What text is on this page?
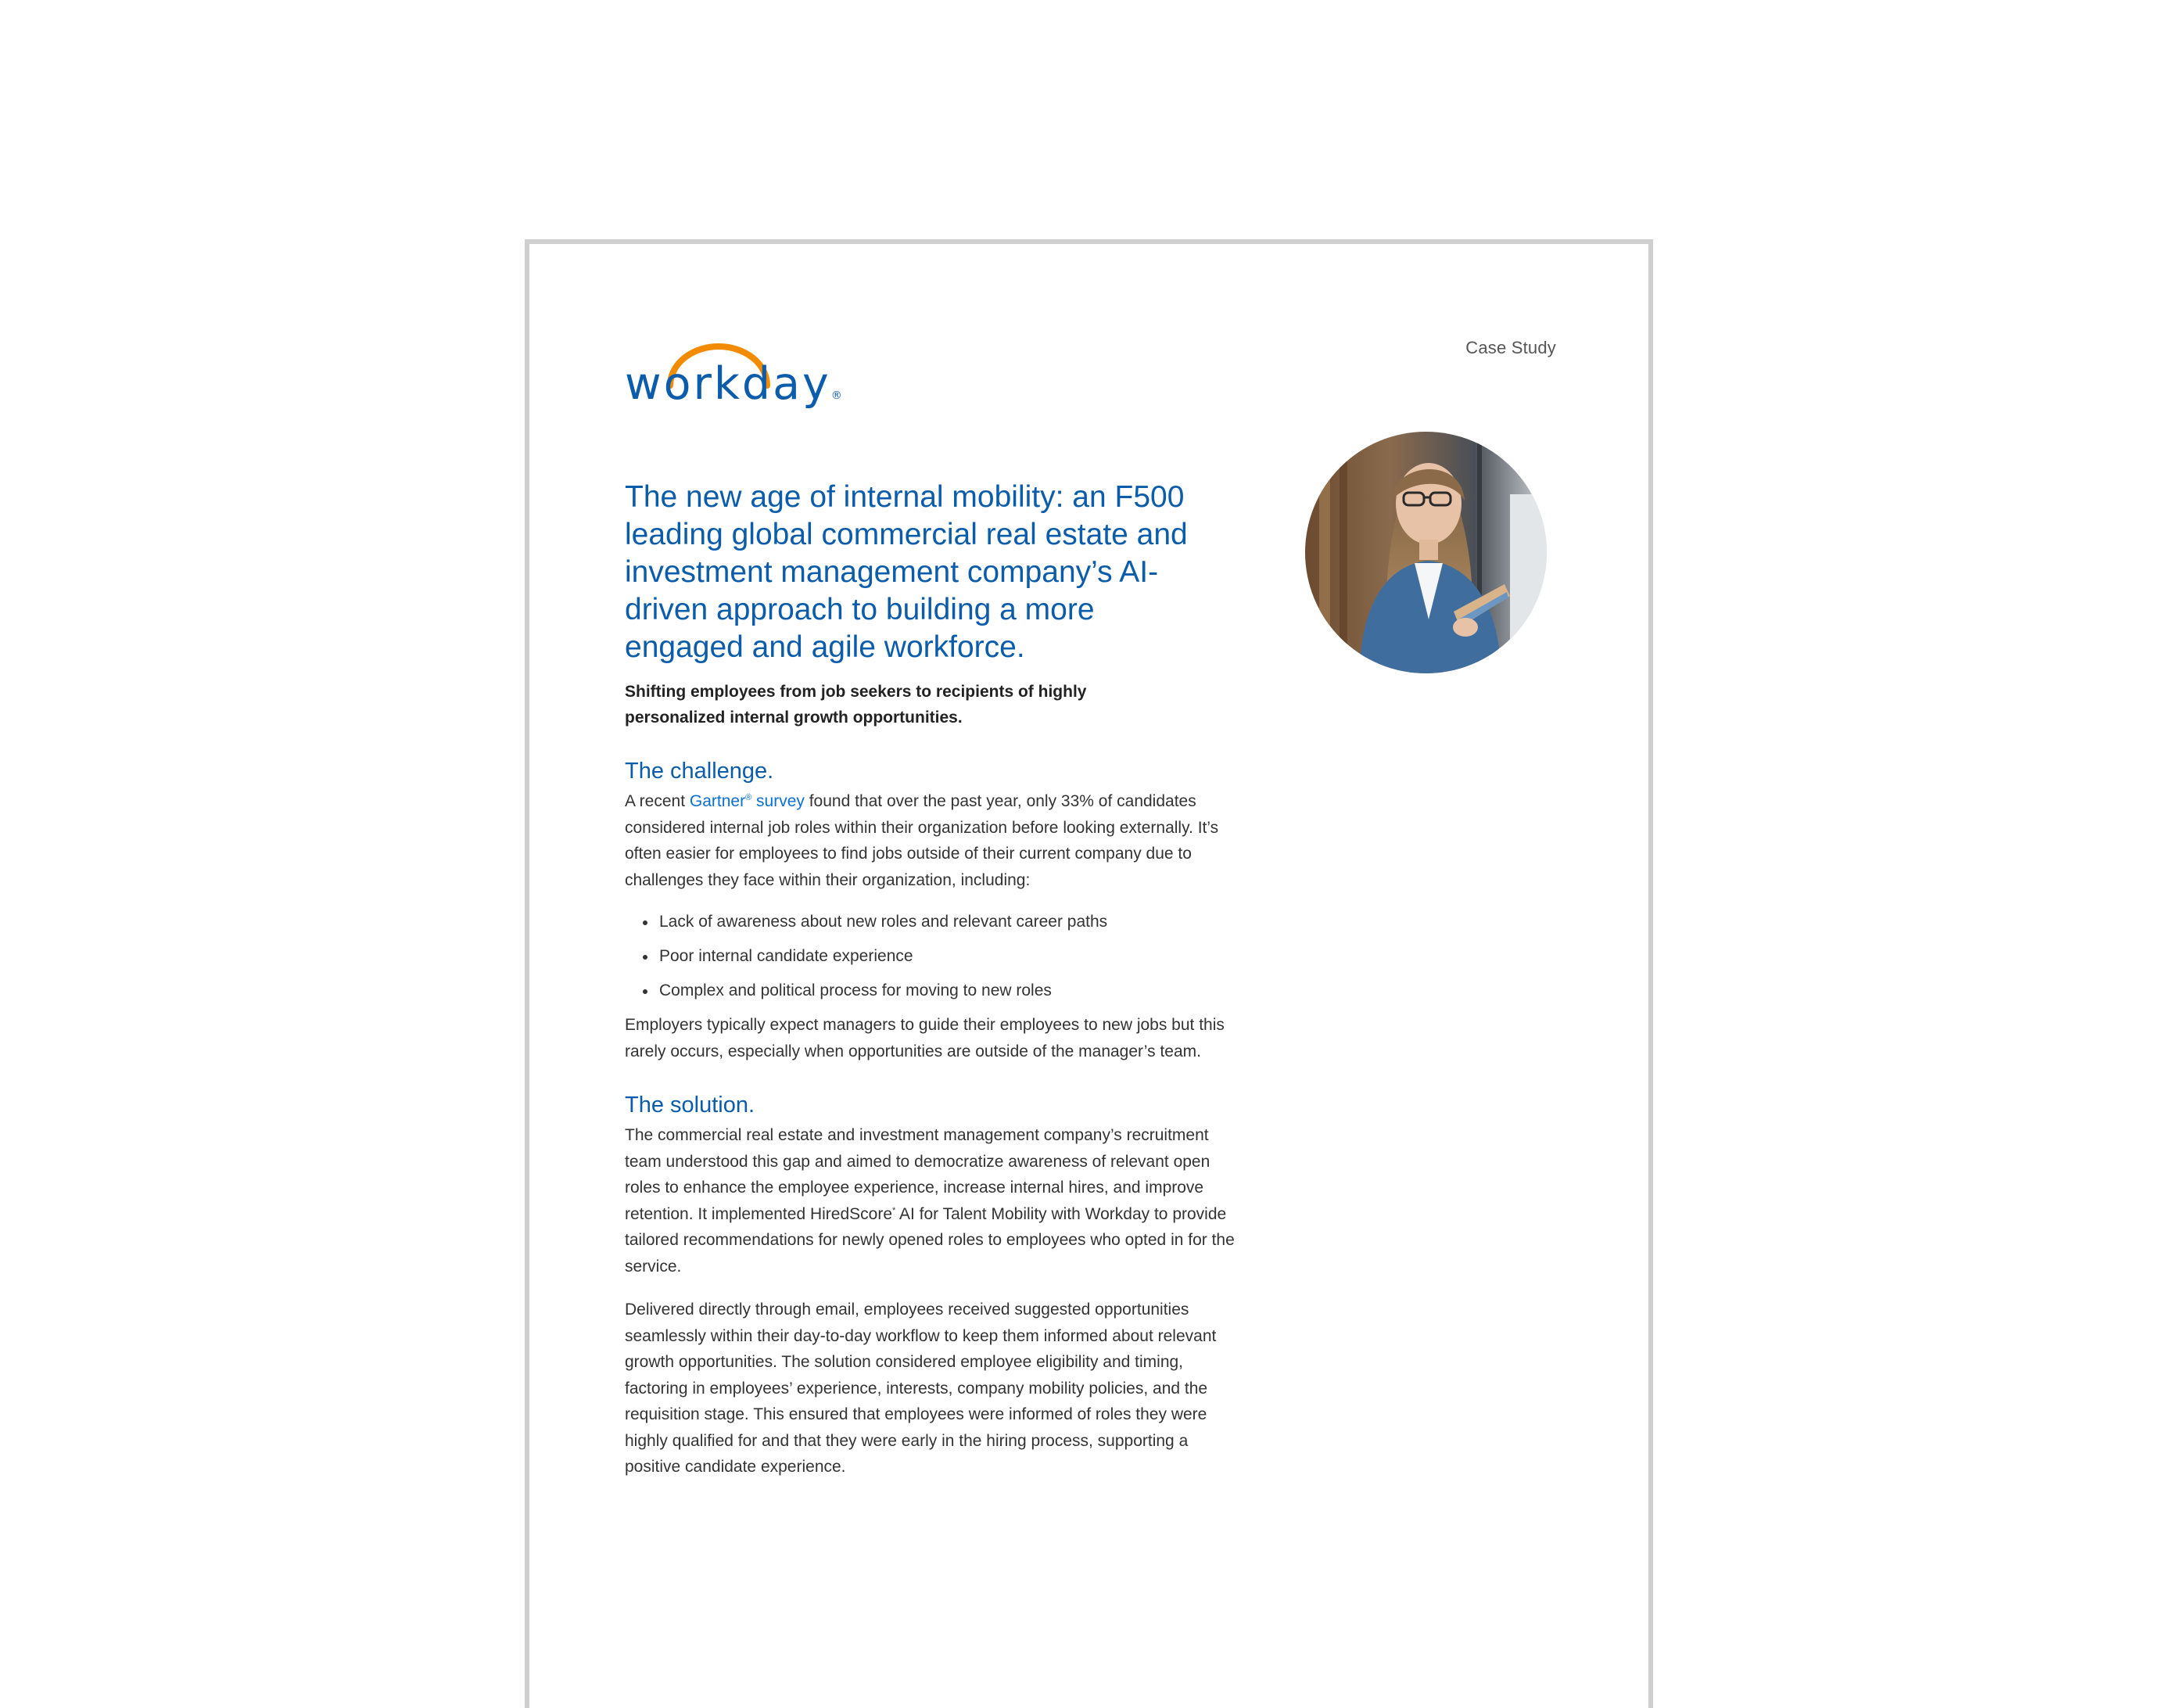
Case Study
workday®
The new age of internal mobility: an F500 leading global commercial real estate and investment management company’s AI-driven approach to building a more engaged and agile workforce.

Shifting employees from job seekers to recipients of highly personalized internal growth opportunities.

The challenge.

A recent Gartner® survey found that over the past year, only 33% of candidates considered internal job roles within their organization before looking externally. It’s often easier for employees to find jobs outside of their current company due to challenges they face within their organization, including:

Lack of awareness about new roles and relevant career paths
Poor internal candidate experience
Complex and political process for moving to new roles

Employers typically expect managers to guide their employees to new jobs but this rarely occurs, especially when opportunities are outside of the manager’s team.

The solution.

The commercial real estate and investment management company’s recruitment team understood this gap and aimed to democratize awareness of relevant open roles to enhance the employee experience, increase internal hires, and improve retention. It implemented HiredScore* AI for Talent Mobility with Workday to provide tailored recommendations for newly opened roles to employees who opted in for the service.

Delivered directly through email, employees received suggested opportunities seamlessly within their day-to-day workflow to keep them informed about relevant growth opportunities. The solution considered employee eligibility and timing, factoring in employees’ experience, interests, company mobility policies, and the requisition stage. This ensured that employees were informed of roles they were highly qualified for and that they were early in the hiring process, supporting a positive candidate experience.
